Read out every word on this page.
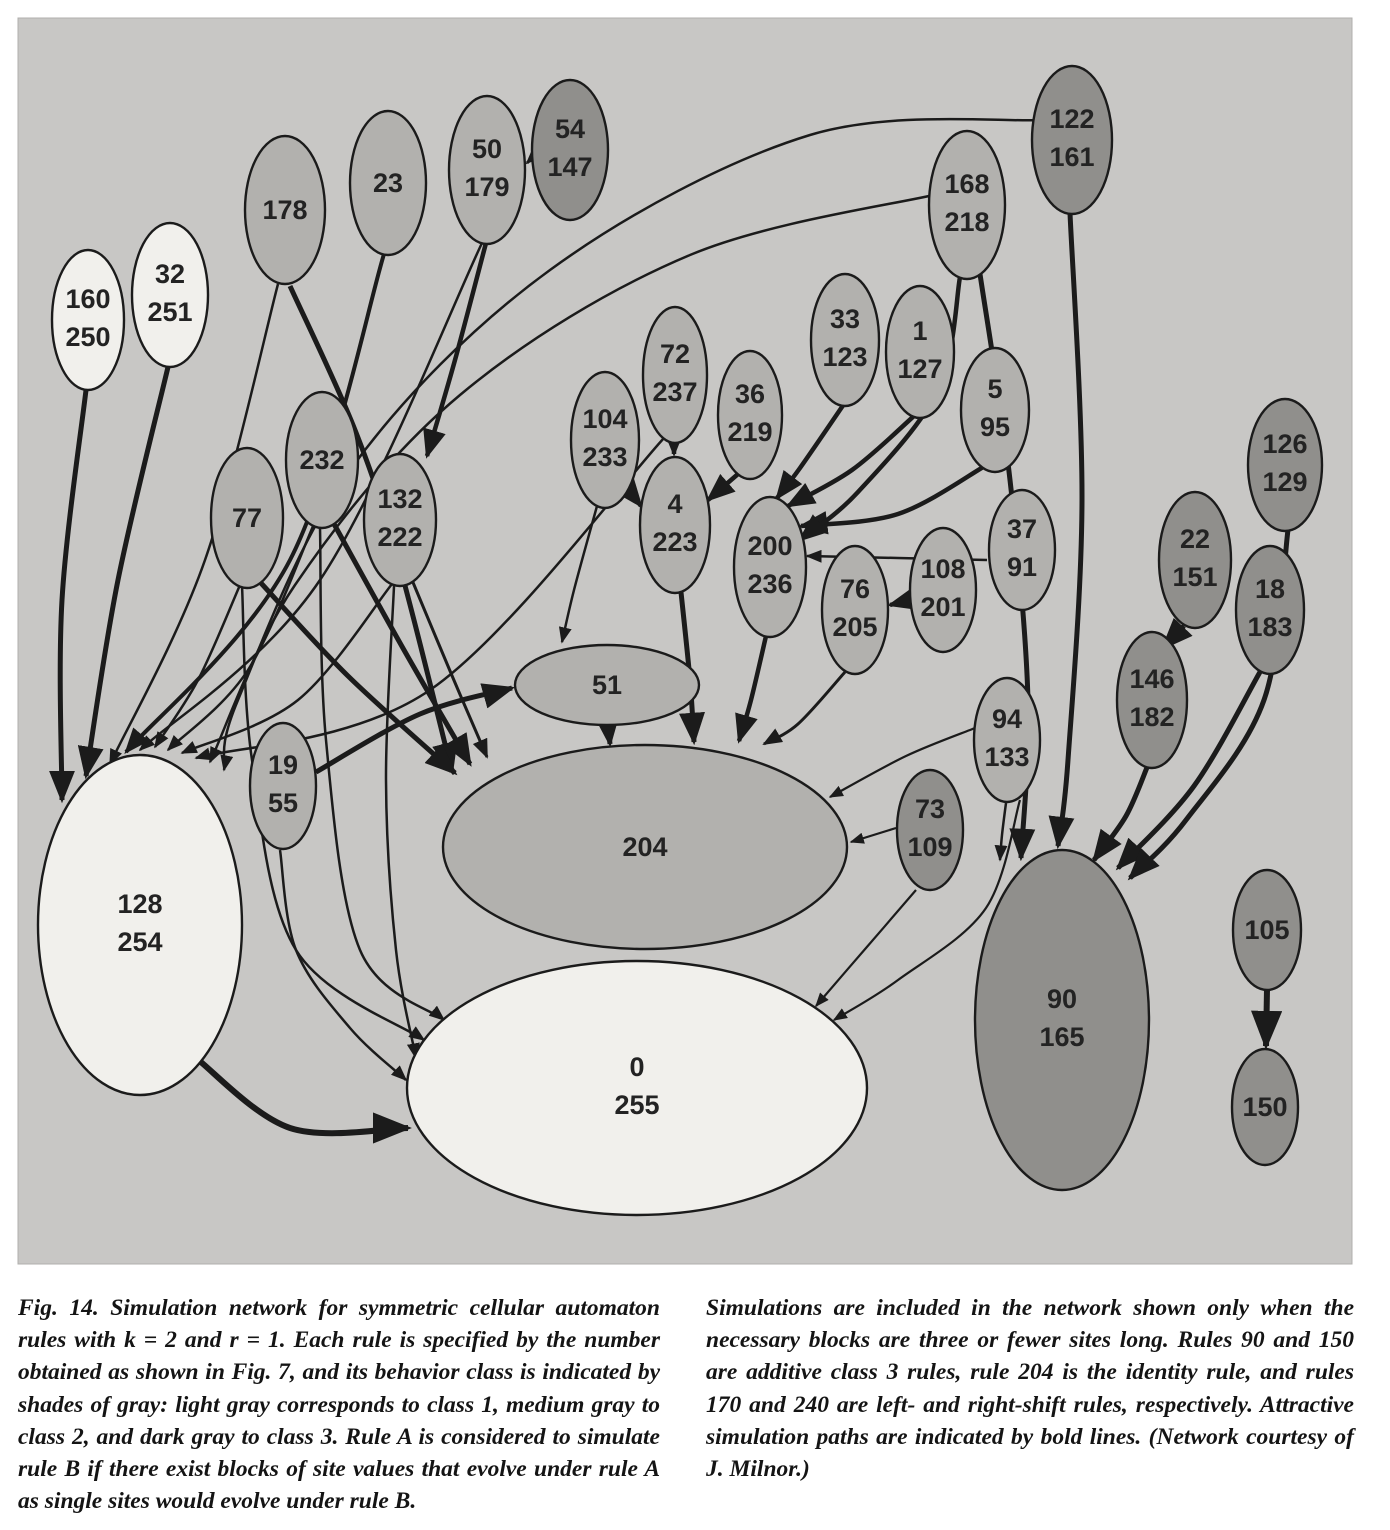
160 250
32 251
178
23
50 179
54 147
168 218
122 161
33 123
1 127
5 95
72 237
104 233
36 219
232
77
132 222
4 223 200 236 76 205
108 201
37 91
126 129
22 151 18 183
146 182
51
19 55
94 133
73 109
204
128 254
0 255
90 165
105
150

Fig. 14. Simulation network for symmetric cellular automaton rules with k = 2 and r = 1. Each rule is specified by the number obtained as shown in Fig. 7, and its behavior class is indicated by shades of gray: light gray corresponds to class 1, medium gray to class 2, and dark gray to class 3. Rule A is considered to simulate rule B if there exist blocks of site values that evolve under rule A as single sites would evolve under rule B.

Simulations are included in the network shown only when the necessary blocks are three or fewer sites long. Rules 90 and 150 are additive class 3 rules, rule 204 is the identity rule, and rules 170 and 240 are left- and right-shift rules, respectively. Attractive simulation paths are indicated by bold lines. (Network courtesy of J. Milnor.)
